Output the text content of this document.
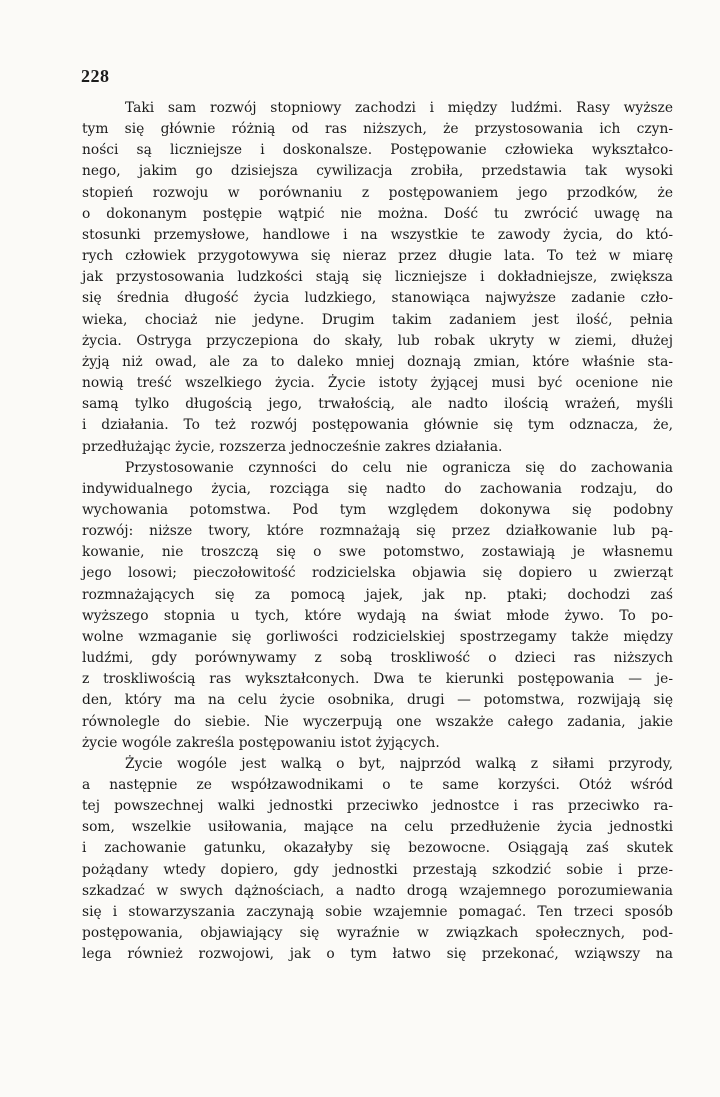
228
Taki sam rozwój stopniowy zachodzi i między ludźmi. Rasy wyższe
tym się głównie różnią od ras niższych, że przystosowania ich czyn-
ności są liczniejsze i doskonalsze. Postępowanie człowieka wykształco-
nego, jakim go dzisiejsza cywilizacja zrobiła, przedstawia tak wysoki
stopień rozwoju w porównaniu z postępowaniem jego przodków, że
o dokonanym postępie wątpić nie można. Dość tu zwrócić uwagę na
stosunki przemysłowe, handlowe i na wszystkie te zawody życia, do któ-
rych człowiek przygotowywa się nieraz przez długie lata. To też w miarę
jak przystosowania ludzkości stają się liczniejsze i dokładniejsze, zwiększa
się średnia długość życia ludzkiego, stanowiąca najwyższe zadanie czło-
wieka, chociaż nie jedyne. Drugim takim zadaniem jest ilość, pełnia
życia. Ostryga przyczepiona do skały, lub robak ukryty w ziemi, dłużej
żyją niż owad, ale za to daleko mniej doznają zmian, które właśnie sta-
nowią treść wszelkiego życia. Życie istoty żyjącej musi być ocenione nie
samą tylko długością jego, trwałością, ale nadto ilością wrażeń, myśli
i działania. To też rozwój postępowania głównie się tym odznacza, że,
przedłużając życie, rozszerza jednocześnie zakres działania.
Przystosowanie czynności do celu nie ogranicza się do zachowania
indywidualnego życia, rozciąga się nadto do zachowania rodzaju, do
wychowania potomstwa. Pod tym względem dokonywa się podobny
rozwój: niższe twory, które rozmnażają się przez działkowanie lub pą-
kowanie, nie troszczą się o swe potomstwo, zostawiają je własnemu
jego losowi; pieczołowitość rodzicielska objawia się dopiero u zwierząt
rozmnażających się za pomocą jajek, jak np. ptaki; dochodzi zaś
wyższego stopnia u tych, które wydają na świat młode żywo. To po-
wolne wzmaganie się gorliwości rodzicielskiej spostrzegamy także między
ludźmi, gdy porównywamy z sobą troskliwość o dzieci ras niższych
z troskliwością ras wykształconych. Dwa te kierunki postępowania — je-
den, który ma na celu życie osobnika, drugi — potomstwa, rozwijają się
równolegle do siebie. Nie wyczerpują one wszakże całego zadania, jakie
życie wogóle zakreśla postępowaniu istot żyjących.
Życie wogóle jest walką o byt, najprzód walką z siłami przyrody,
a następnie ze współzawodnikami o te same korzyści. Otóż wśród
tej powszechnej walki jednostki przeciwko jednostce i ras przeciwko ra-
som, wszelkie usiłowania, mające na celu przedłużenie życia jednostki
i zachowanie gatunku, okazałyby się bezowocne. Osiągają zaś skutek
pożądany wtedy dopiero, gdy jednostki przestają szkodzić sobie i prze-
szkadzać w swych dążnościach, a nadto drogą wzajemnego porozumiewania
się i stowarzyszania zaczynają sobie wzajemnie pomagać. Ten trzeci sposób
postępowania, objawiający się wyraźnie w związkach społecznych, pod-
lega również rozwojowi, jak o tym łatwo się przekonać, wziąwszy na
